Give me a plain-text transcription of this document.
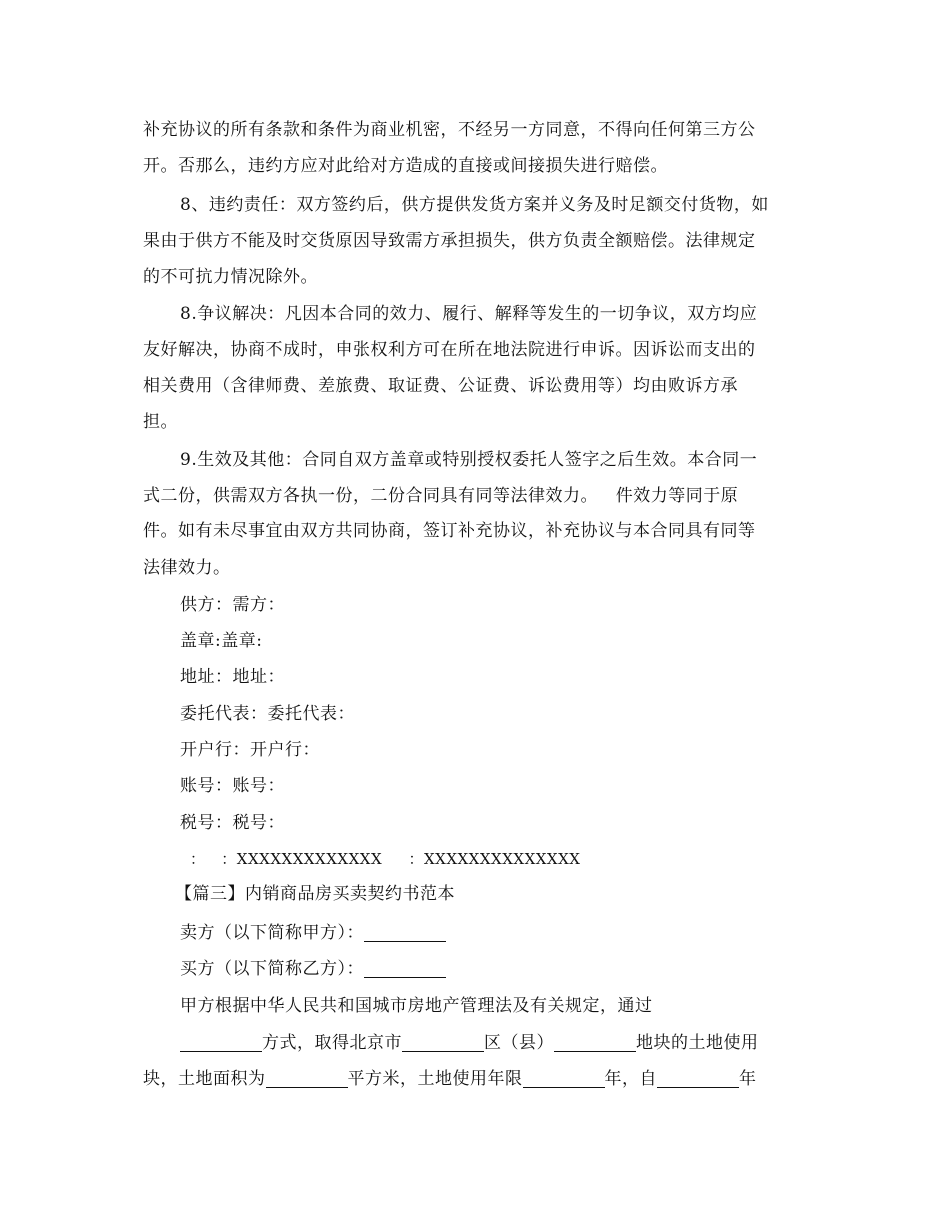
补充协议的所有条款和条件为商业机密，不经另一方同意，不得向任何第三方公
开。否那么，违约方应对此给对方造成的直接或间接损失进行赔偿。
8、违约责任：双方签约后，供方提供发货方案并义务及时足额交付货物，如
果由于供方不能及时交货原因导致需方承担损失，供方负责全额赔偿。法律规定
的不可抗力情况除外。
8.争议解决：凡因本合同的效力、履行、解释等发生的一切争议，双方均应
友好解决，协商不成时，申张权利方可在所在地法院进行申诉。因诉讼而支出的
相关费用（含律师费、差旅费、取证费、公证费、诉讼费用等）均由败诉方承
担。
9.生效及其他：合同自双方盖章或特别授权委托人签字之后生效。本合同一
式二份，供需双方各执一份，二份合同具有同等法律效力。   件效力等同于原
件。如有未尽事宜由双方共同协商，签订补充协议，补充协议与本合同具有同等
法律效力。
供方：需方：
盖章:盖章:
地址：地址：
委托代表：委托代表：
开户行：开户行：
账号：账号：
税号：税号：
：   ：XXXXXXXXXXXXX     ：XXXXXXXXXXXXXX
【篇三】内销商品房买卖契约书范本
卖方（以下简称甲方）：
买方（以下简称乙方）：
甲方根据中华人民共和国城市房地产管理法及有关规定，通过
方式，取得北京市	区（县）	地块的土地使用
块，土地面积为	平方米，土地使用年限	年，自	年
